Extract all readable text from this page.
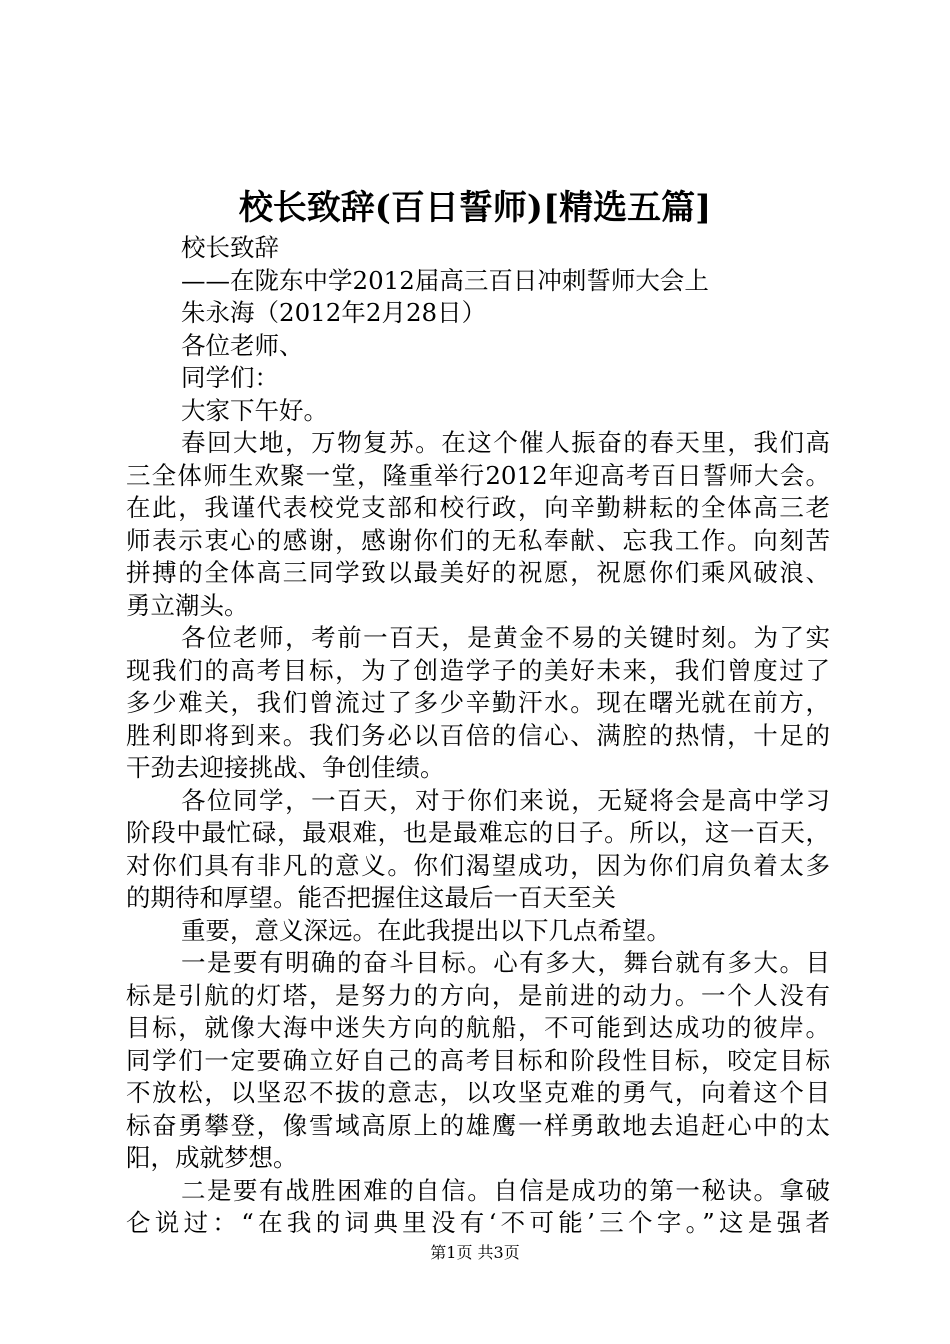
校长致辞(百日誓师)[精选五篇]
校长致辞
——在陇东中学2012届高三百日冲刺誓师大会上
朱永海（2012年2月28日）
各位老师、
同学们：
大家下午好。
春回大地，万物复苏。在这个催人振奋的春天里，我们高
三全体师生欢聚一堂，隆重举行2012年迎高考百日誓师大会。
在此，我谨代表校党支部和校行政，向辛勤耕耘的全体高三老
师表示衷心的感谢，感谢你们的无私奉献、忘我工作。向刻苦
拼搏的全体高三同学致以最美好的祝愿，祝愿你们乘风破浪、
勇立潮头。
各位老师，考前一百天，是黄金不易的关键时刻。为了实
现我们的高考目标，为了创造学子的美好未来，我们曾度过了
多少难关，我们曾流过了多少辛勤汗水。现在曙光就在前方，
胜利即将到来。我们务必以百倍的信心、满腔的热情，十足的
干劲去迎接挑战、争创佳绩。
各位同学，一百天，对于你们来说，无疑将会是高中学习
阶段中最忙碌，最艰难，也是最难忘的日子。所以，这一百天，
对你们具有非凡的意义。你们渴望成功，因为你们肩负着太多
的期待和厚望。能否把握住这最后一百天至关
重要，意义深远。在此我提出以下几点希望。
一是要有明确的奋斗目标。心有多大，舞台就有多大。目
标是引航的灯塔，是努力的方向，是前进的动力。一个人没有
目标，就像大海中迷失方向的航船，不可能到达成功的彼岸。
同学们一定要确立好自己的高考目标和阶段性目标，咬定目标
不放松，以坚忍不拔的意志，以攻坚克难的勇气，向着这个目
标奋勇攀登，像雪域高原上的雄鹰一样勇敢地去追赶心中的太
阳，成就梦想。
二是要有战胜困难的自信。自信是成功的第一秘诀。拿破
仑说过：“在我的词典里没有‘不可能’三个字。”这是强者
第1页 共3页
